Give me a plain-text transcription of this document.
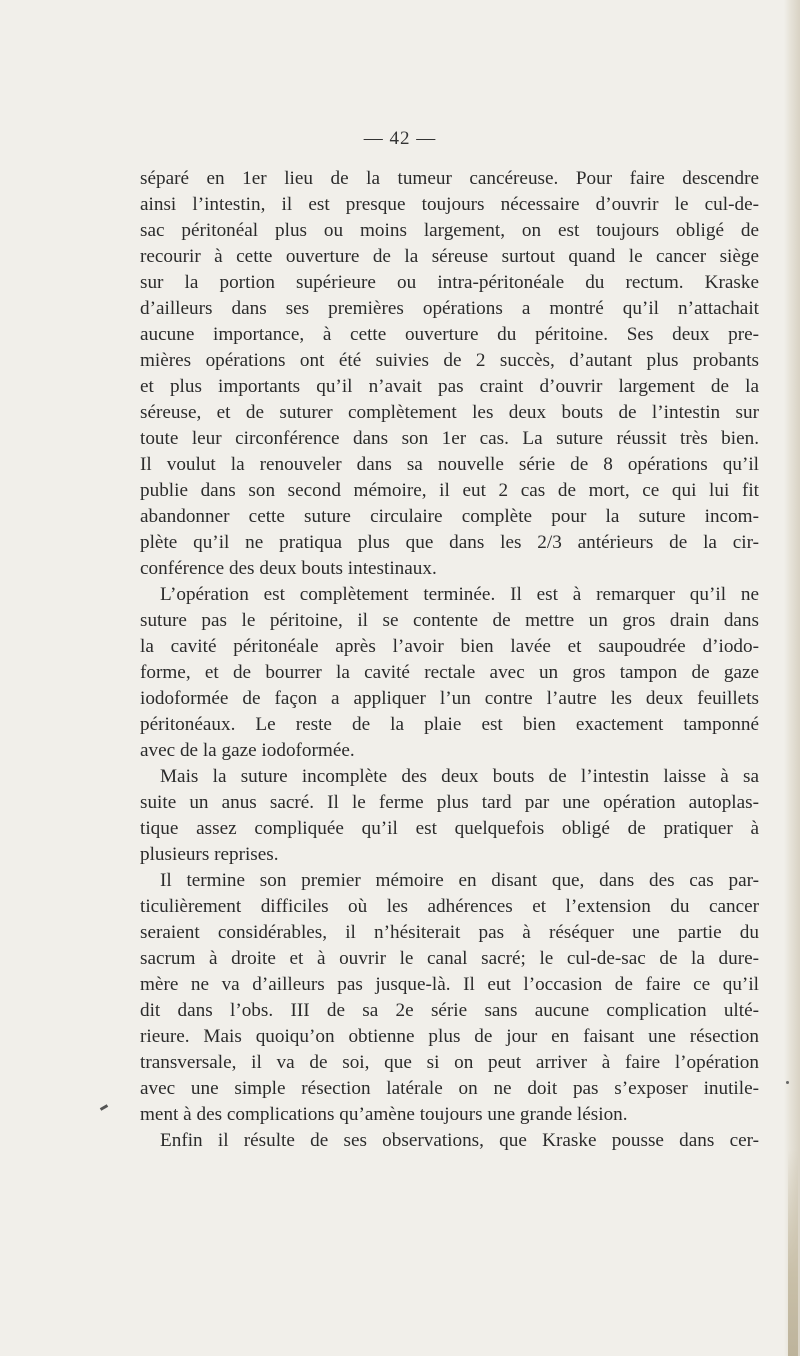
— 42 —
séparé en 1er lieu de la tumeur cancéreuse. Pour faire descendre
ainsi l’intestin, il est presque toujours nécessaire d’ouvrir le cul-de-
sac péritonéal plus ou moins largement, on est toujours obligé de
recourir à cette ouverture de la séreuse surtout quand le cancer siège
sur la portion supérieure ou intra-péritonéale du rectum. Kraske
d’ailleurs dans ses premières opérations a montré qu’il n’attachait
aucune importance, à cette ouverture du péritoine. Ses deux pre-
mières opérations ont été suivies de 2 succès, d’autant plus probants
et plus importants qu’il n’avait pas craint d’ouvrir largement de la
séreuse, et de suturer complètement les deux bouts de l’intestin sur
toute leur circonférence dans son 1er cas. La suture réussit très bien.
Il voulut la renouveler dans sa nouvelle série de 8 opérations qu’il
publie dans son second mémoire, il eut 2 cas de mort, ce qui lui fit
abandonner cette suture circulaire complète pour la suture incom-
plète qu’il ne pratiqua plus que dans les 2/3 antérieurs de la cir-
conférence des deux bouts intestinaux.
L’opération est complètement terminée. Il est à remarquer qu’il ne
suture pas le péritoine, il se contente de mettre un gros drain dans
la cavité péritonéale après l’avoir bien lavée et saupoudrée d’iodo-
forme, et de bourrer la cavité rectale avec un gros tampon de gaze
iodoformée de façon a appliquer l’un contre l’autre les deux feuillets
péritonéaux. Le reste de la plaie est bien exactement tamponné
avec de la gaze iodoformée.
Mais la suture incomplète des deux bouts de l’intestin laisse à sa
suite un anus sacré. Il le ferme plus tard par une opération autoplas-
tique assez compliquée qu’il est quelquefois obligé de pratiquer à
plusieurs reprises.
Il termine son premier mémoire en disant que, dans des cas par-
ticulièrement difficiles où les adhérences et l’extension du cancer
seraient considérables, il n’hésiterait pas à réséquer une partie du
sacrum à droite et à ouvrir le canal sacré; le cul-de-sac de la dure-
mère ne va d’ailleurs pas jusque-là. Il eut l’occasion de faire ce qu’il
dit dans l’obs. III de sa 2e série sans aucune complication ulté-
rieure. Mais quoiqu’on obtienne plus de jour en faisant une résection
transversale, il va de soi, que si on peut arriver à faire l’opération
avec une simple résection latérale on ne doit pas s’exposer inutile-
ment à des complications qu’amène toujours une grande lésion.
Enfin il résulte de ses observations, que Kraske pousse dans cer-
